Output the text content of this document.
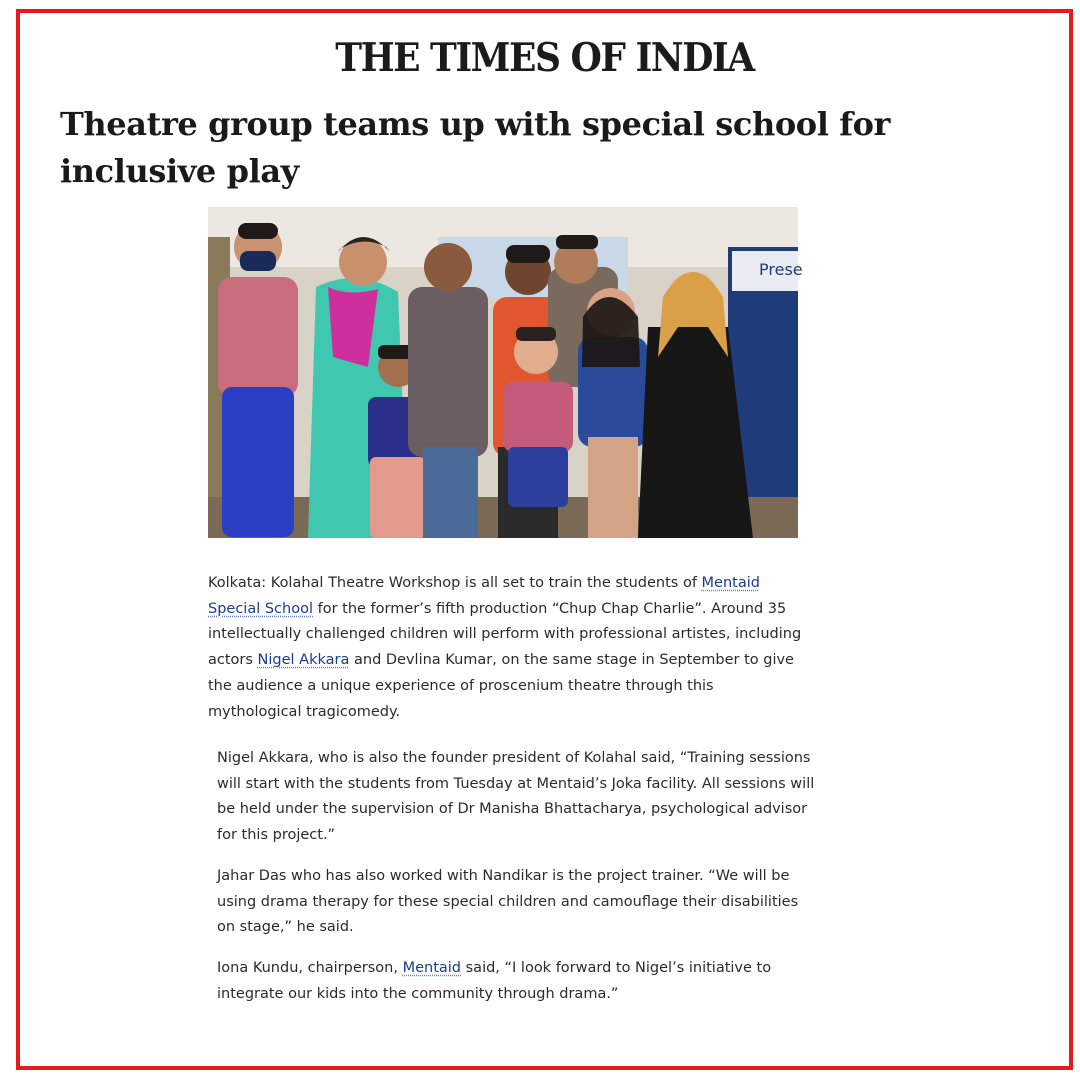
THE TIMES OF INDIA
Theatre group teams up with special school for inclusive play
Prese

Kolkata: Kolahal Theatre Workshop is all set to train the students of Mentaid Special School for the former’s fifth production “Chup Chap Charlie”. Around 35 intellectually challenged children will perform with professional artistes, including actors Nigel Akkara and Devlina Kumar, on the same stage in September to give the audience a unique experience of proscenium theatre through this mythological tragicomedy.

Nigel Akkara, who is also the founder president of Kolahal said, “Training sessions will start with the students from Tuesday at Mentaid’s Joka facility. All sessions will be held under the supervision of Dr Manisha Bhattacharya, psychological advisor for this project.”

Jahar Das who has also worked with Nandikar is the project trainer. “We will be using drama therapy for these special children and camouflage their disabilities on stage,” he said.

Iona Kundu, chairperson, Mentaid said, “I look forward to Nigel’s initiative to integrate our kids into the community through drama.”
